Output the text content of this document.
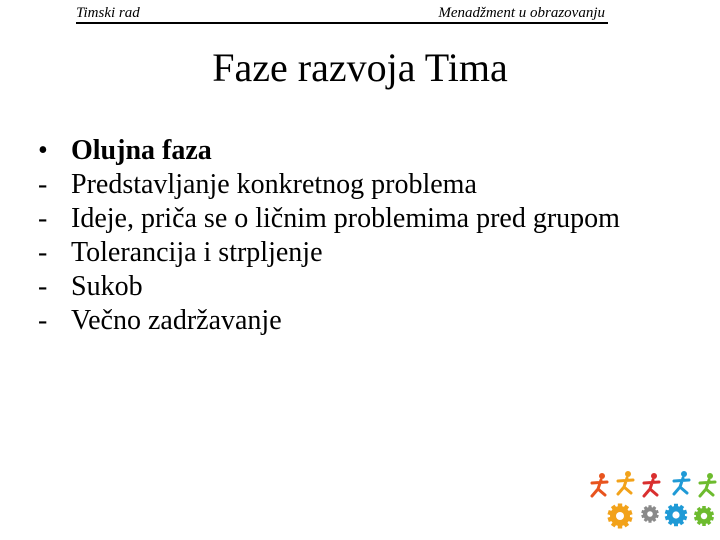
Timski rad	Menadžment u obrazovanju
Faze razvoja Tima
• Olujna faza
- Predstavljanje konkretnog problema
- Ideje, priča se o ličnim problemima pred grupom
- Tolerancija i strpljenje
- Sukob
- Večno zadržavanje
